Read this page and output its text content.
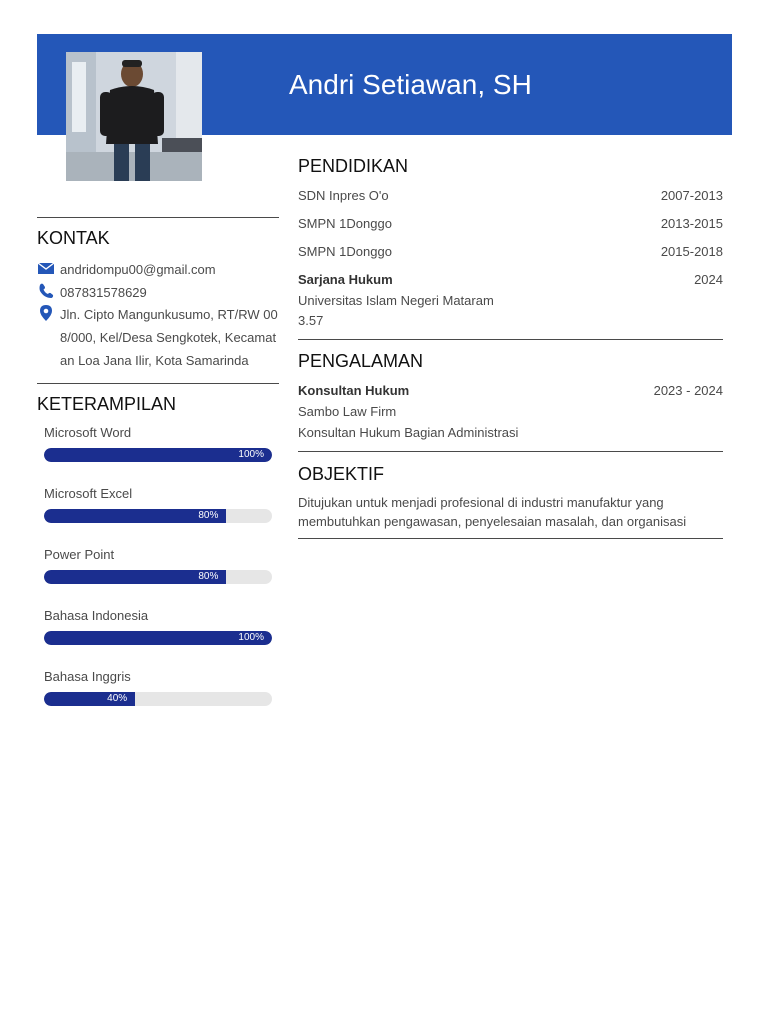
Andri Setiawan, SH
KONTAK
andridompu00@gmail.com
087831578629
Jln. Cipto Mangunkusumo, RT/RW 008/000, Kel/Desa Sengkotek, Kecamatan Loa Jana Ilir, Kota Samarinda
KETERAMPILAN
Microsoft Word
100%
Microsoft Excel
80%
Power Point
80%
Bahasa Indonesia
100%
Bahasa Inggris
40%
PENDIDIKAN
SDN Inpres O'o	2007-2013
SMPN 1Donggo	2013-2015
SMPN 1Donggo	2015-2018
Sarjana Hukum	2024
Universitas Islam Negeri Mataram
3.57
PENGALAMAN
Konsultan Hukum	2023 - 2024
Sambo Law Firm
Konsultan Hukum Bagian Administrasi
OBJEKTIF
Ditujukan untuk menjadi profesional di industri manufaktur yang membutuhkan pengawasan, penyelesaian masalah, dan organisasi
